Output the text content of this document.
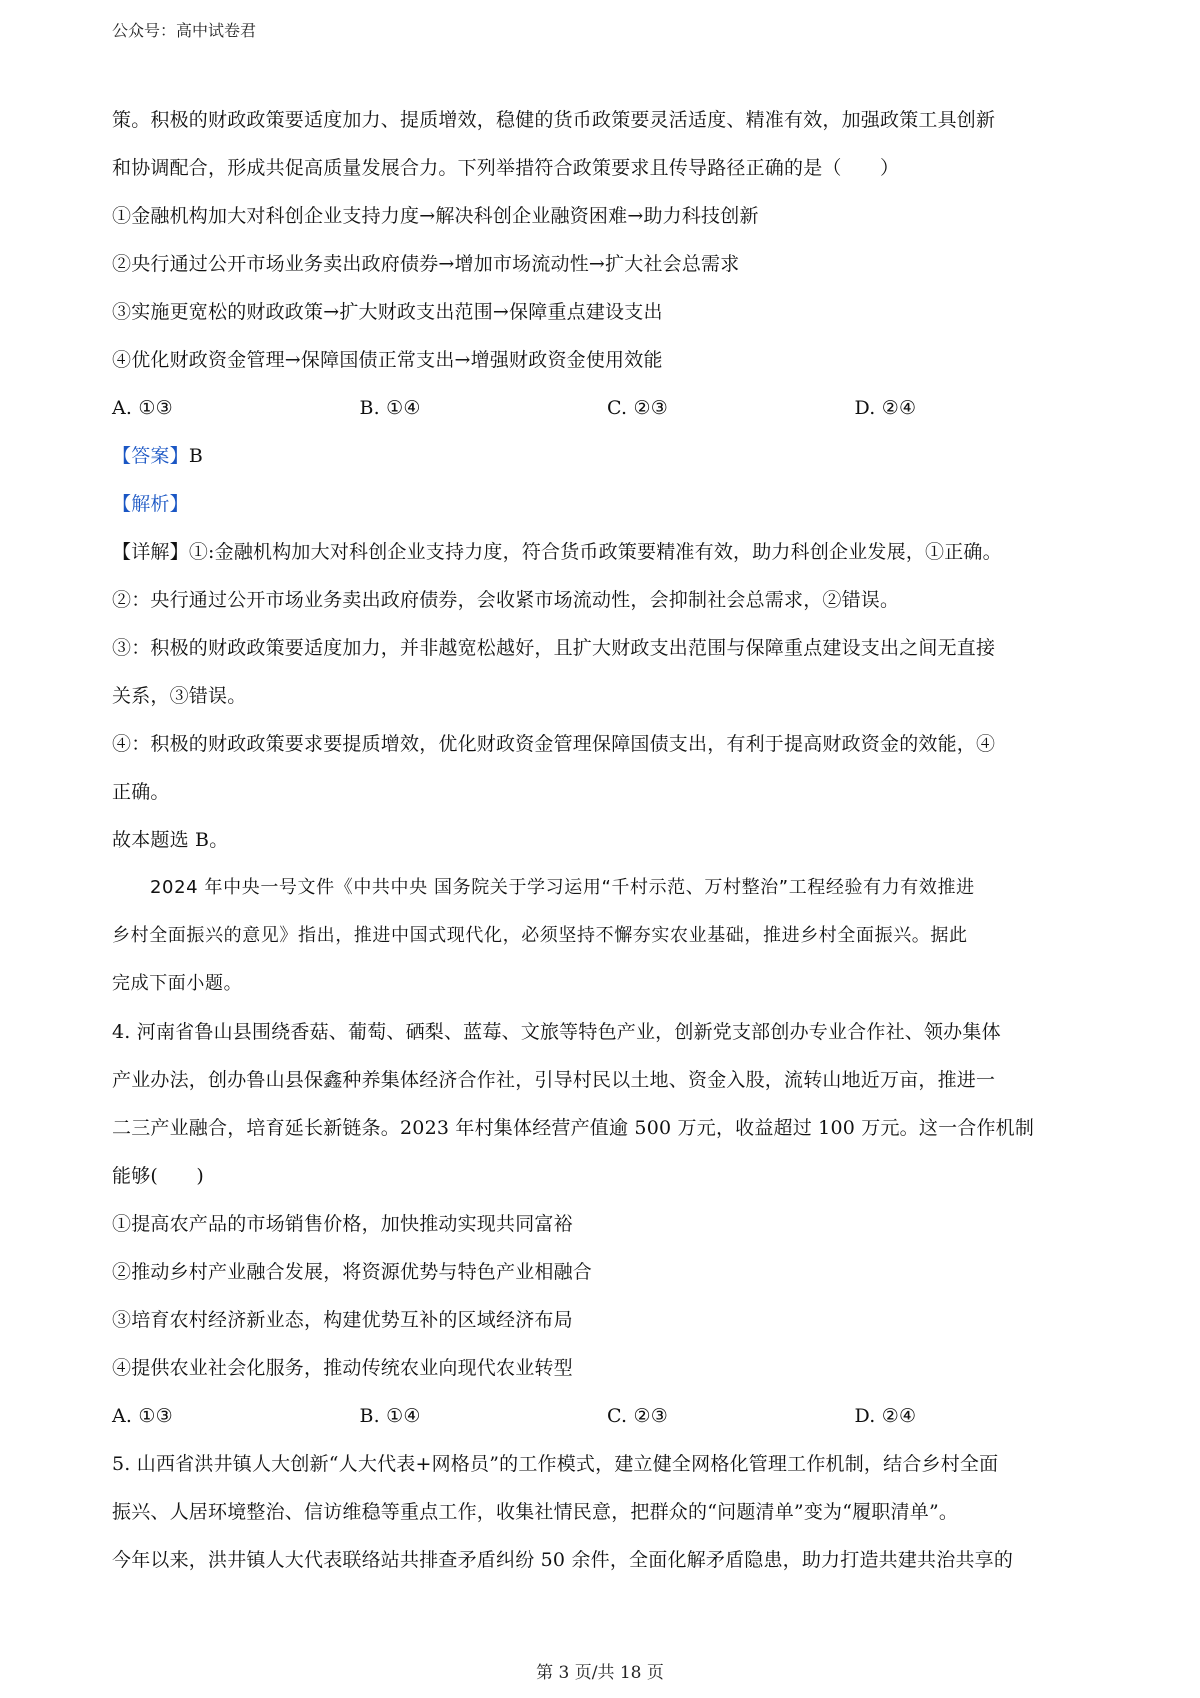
公众号：高中试卷君
策。积极的财政政策要适度加力、提质增效，稳健的货币政策要灵活适度、精准有效，加强政策工具创新
和协调配合，形成共促高质量发展合力。下列举措符合政策要求且传导路径正确的是（　　）
①金融机构加大对科创企业支持力度→解决科创企业融资困难→助力科技创新
②央行通过公开市场业务卖出政府债券→增加市场流动性→扩大社会总需求
③实施更宽松的财政政策→扩大财政支出范围→保障重点建设支出
④优化财政资金管理→保障国债正常支出→增强财政资金使用效能
A. ①③	B. ①④	C. ②③	D. ②④
【答案】B
【解析】
【详解】①:金融机构加大对科创企业支持力度，符合货币政策要精准有效，助力科创企业发展，①正确。
②：央行通过公开市场业务卖出政府债券，会收紧市场流动性，会抑制社会总需求，②错误。
③：积极的财政政策要适度加力，并非越宽松越好，且扩大财政支出范围与保障重点建设支出之间无直接
关系，③错误。
④：积极的财政政策要求要提质增效，优化财政资金管理保障国债支出，有利于提高财政资金的效能，④
正确。
故本题选 B。
2024 年中央一号文件《中共中央 国务院关于学习运用“千村示范、万村整治”工程经验有力有效推进
乡村全面振兴的意见》指出，推进中国式现代化，必须坚持不懈夯实农业基础，推进乡村全面振兴。据此
完成下面小题。
4. 河南省鲁山县围绕香菇、葡萄、硒梨、蓝莓、文旅等特色产业，创新党支部创办专业合作社、领办集体
产业办法，创办鲁山县保鑫种养集体经济合作社，引导村民以土地、资金入股，流转山地近万亩，推进一
二三产业融合，培育延长新链条。2023 年村集体经营产值逾 500 万元，收益超过 100 万元。这一合作机制
能够(　　)
①提高农产品的市场销售价格，加快推动实现共同富裕
②推动乡村产业融合发展，将资源优势与特色产业相融合
③培育农村经济新业态，构建优势互补的区域经济布局
④提供农业社会化服务，推动传统农业向现代农业转型
A. ①③	B. ①④	C. ②③	D. ②④
5. 山西省洪井镇人大创新“人大代表+网格员”的工作模式，建立健全网格化管理工作机制，结合乡村全面
振兴、人居环境整治、信访维稳等重点工作，收集社情民意，把群众的“问题清单”变为“履职清单”。
今年以来，洪井镇人大代表联络站共排查矛盾纠纷 50 余件，全面化解矛盾隐患，助力打造共建共治共享的
第 3 页/共 18 页
